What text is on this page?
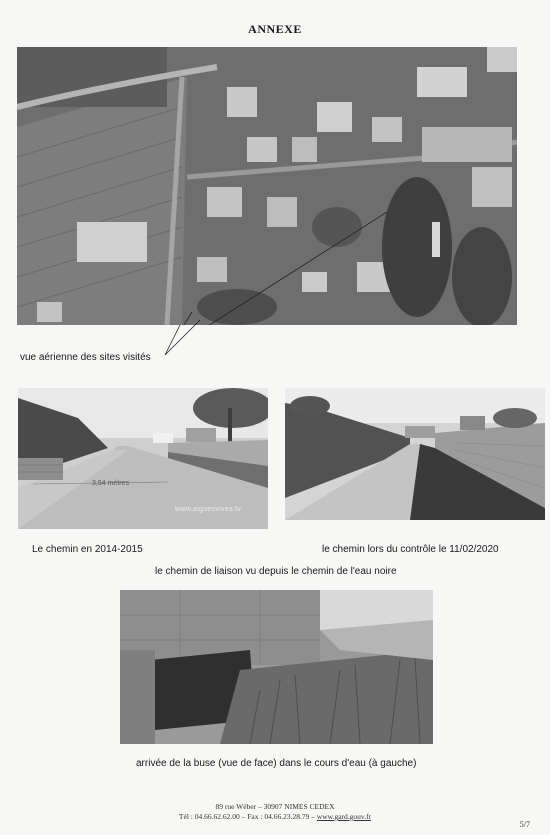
ANNEXE
vue aérienne des sites visités
3,54 mètres
www.aiguesvives.tv
Le chemin en 2014-2015	le chemin lors du contrôle le 11/02/2020
le chemin de liaison vu depuis le chemin de l'eau noire
arrivée de la buse (vue de face) dans le cours d'eau (à gauche)
89 rue Wéber – 30907 NIMES CEDEX
Tél : 04.66.62.62.00 – Fax : 04.66.23.28.79 – www.gard.gouv.fr
5/7
